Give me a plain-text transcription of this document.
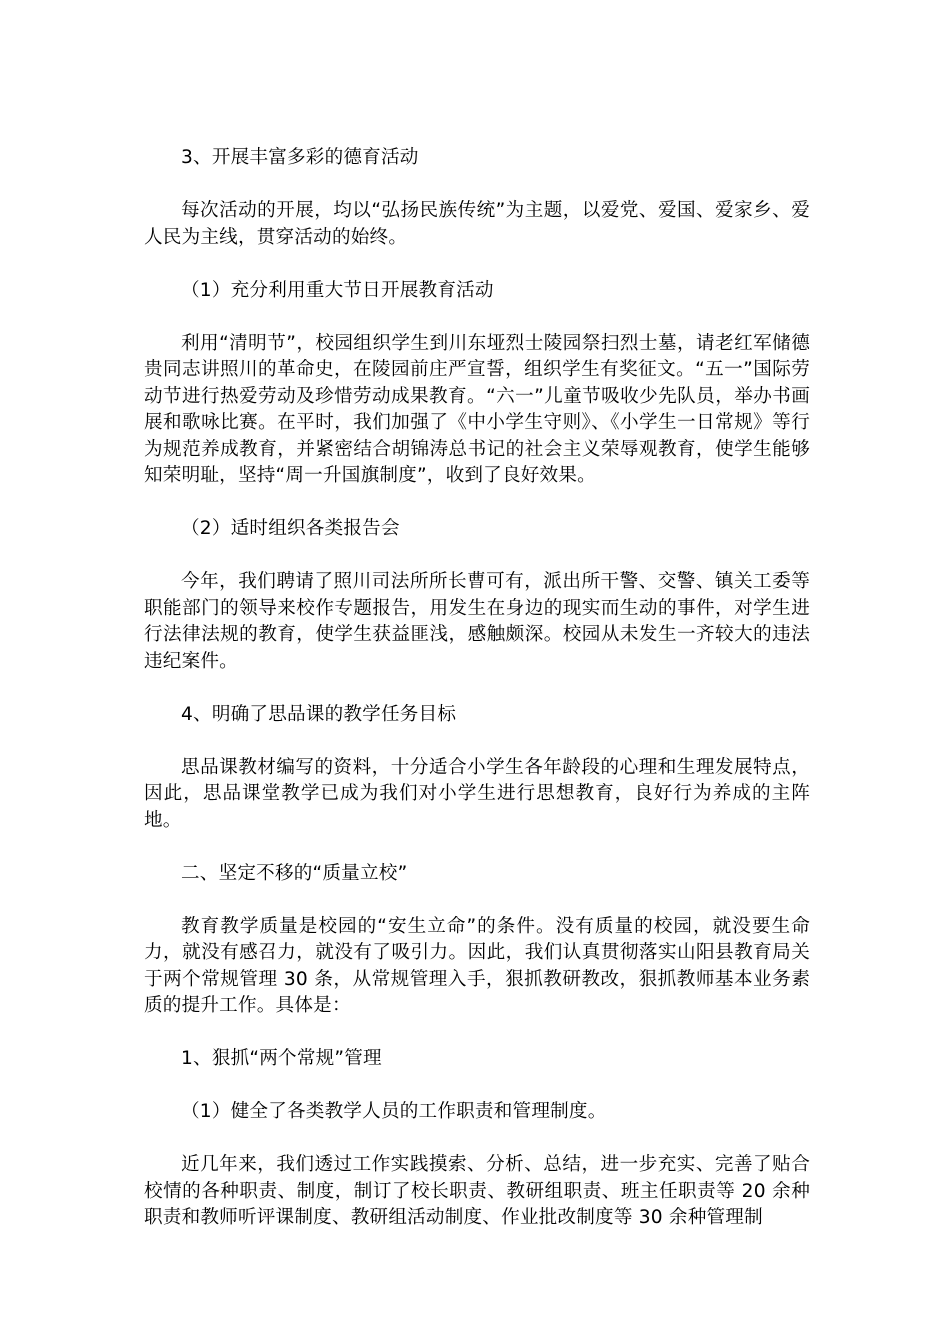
3、开展丰富多彩的德育活动

每次活动的开展，均以“弘扬民族传统”为主题，以爱党、爱国、爱家乡、爱人民为主线，贯穿活动的始终。

（1）充分利用重大节日开展教育活动

利用“清明节”，校园组织学生到川东垭烈士陵园祭扫烈士墓，请老红军储德贵同志讲照川的革命史，在陵园前庄严宣誓，组织学生有奖征文。“五一”国际劳动节进行热爱劳动及珍惜劳动成果教育。“六一”儿童节吸收少先队员，举办书画展和歌咏比赛。在平时，我们加强了《中小学生守则》、《小学生一日常规》等行为规范养成教育，并紧密结合胡锦涛总书记的社会主义荣辱观教育，使学生能够知荣明耻，坚持“周一升国旗制度”，收到了良好效果。

（2）适时组织各类报告会

今年，我们聘请了照川司法所所长曹可有，派出所干警、交警、镇关工委等职能部门的领导来校作专题报告，用发生在身边的现实而生动的事件，对学生进行法律法规的教育，使学生获益匪浅，感触颇深。校园从未发生一齐较大的违法违纪案件。

4、明确了思品课的教学任务目标

思品课教材编写的资料，十分适合小学生各年龄段的心理和生理发展特点，因此，思品课堂教学已成为我们对小学生进行思想教育，良好行为养成的主阵地。

二、坚定不移的“质量立校”

教育教学质量是校园的“安生立命”的条件。没有质量的校园，就没要生命力，就没有感召力，就没有了吸引力。因此，我们认真贯彻落实山阳县教育局关于两个常规管理 30 条，从常规管理入手，狠抓教研教改，狠抓教师基本业务素质的提升工作。具体是：

1、狠抓“两个常规”管理

（1）健全了各类教学人员的工作职责和管理制度。

近几年来，我们透过工作实践摸索、分析、总结，进一步充实、完善了贴合校情的各种职责、制度，制订了校长职责、教研组职责、班主任职责等 20 余种职责和教师听评课制度、教研组活动制度、作业批改制度等 30 余种管理制
